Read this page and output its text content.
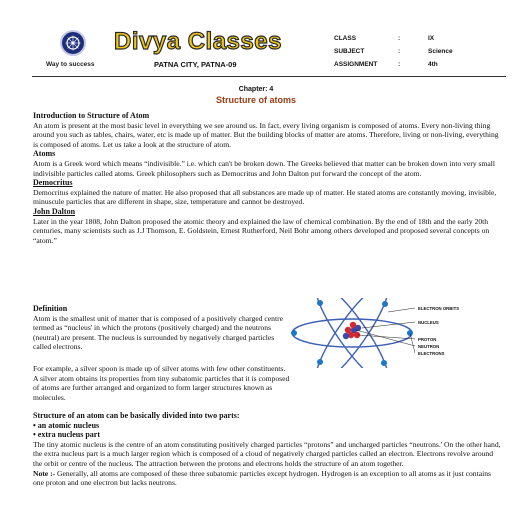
Way to success
Divya Classes
PATNA CITY, PATNA-09
CLASS	:	IX
SUBJECT	:	Science
ASSIGNMENT	:	4th
Chapter: 4
Structure of atoms
Introduction to Structure of Atom

An atom is present at the most basic level in everything we see around us. In fact, every living organism is composed of atoms. Every non-living thing around you such as tables, chairs, water, etc is made up of matter. But the building blocks of matter are atoms. Therefore, living or non-living, everything is composed of atoms. Let us take a look at the structure of atom.

Atoms

Atom is a Greek word which means “indivisible.” i.e. which can't be broken down. The Greeks believed that matter can be broken down into very small indivisible particles called atoms. Greek philosophers such as Democritus and John Dalton put forward the concept of the atom.

Democritus

Democritus explained the nature of matter. He also proposed that all substances are made up of matter. He stated atoms are constantly moving, invisible, minuscule particles that are different in shape, size, temperature and cannot be destroyed.

John Dalton

Later in the year 1808, John Dalton proposed the atomic theory and explained the law of chemical combination. By the end of 18th and the early 20th centuries, many scientists such as J.J Thomson, E. Goldstein, Ernest Rutherford, Neil Bohr among others developed and proposed several concepts on “atom.”

Definition

Atom is the smallest unit of matter that is composed of a positively charged centre termed as “nucleus' in which the protons (positively charged) and the neutrons (neutral) are present. The nucleus is surrounded by negatively charged particles called electrons.

For example, a silver spoon is made up of silver atoms with few other constituents. A silver atom obtains its properties from tiny subatomic particles that it is composed of atoms are further arranged and organized to form larger structures known as molecules.

ELECTRON ORBITS
NUCLEUS
PROTON
NEUTRON
ELECTRONS
Structure of an atom can be basically divided into two parts:
• an atomic nucleus
• extra nucleus part

The tiny atomic nucleus is the centre of an atom constituting positively charged particles “protons” and uncharged particles “neutrons.' On the other hand, the extra nucleus part is a much larger region which is composed of a cloud of negatively charged particles called an electron. Electrons revolve around the orbit or centre of the nucleus. The attraction between the protons and electrons holds the structure of an atom together.

Note :- Generally, all atoms are composed of these three subatomic particles except hydrogen. Hydrogen is an exception to all atoms as it just contains one proton and one electron but lacks neutrons.
